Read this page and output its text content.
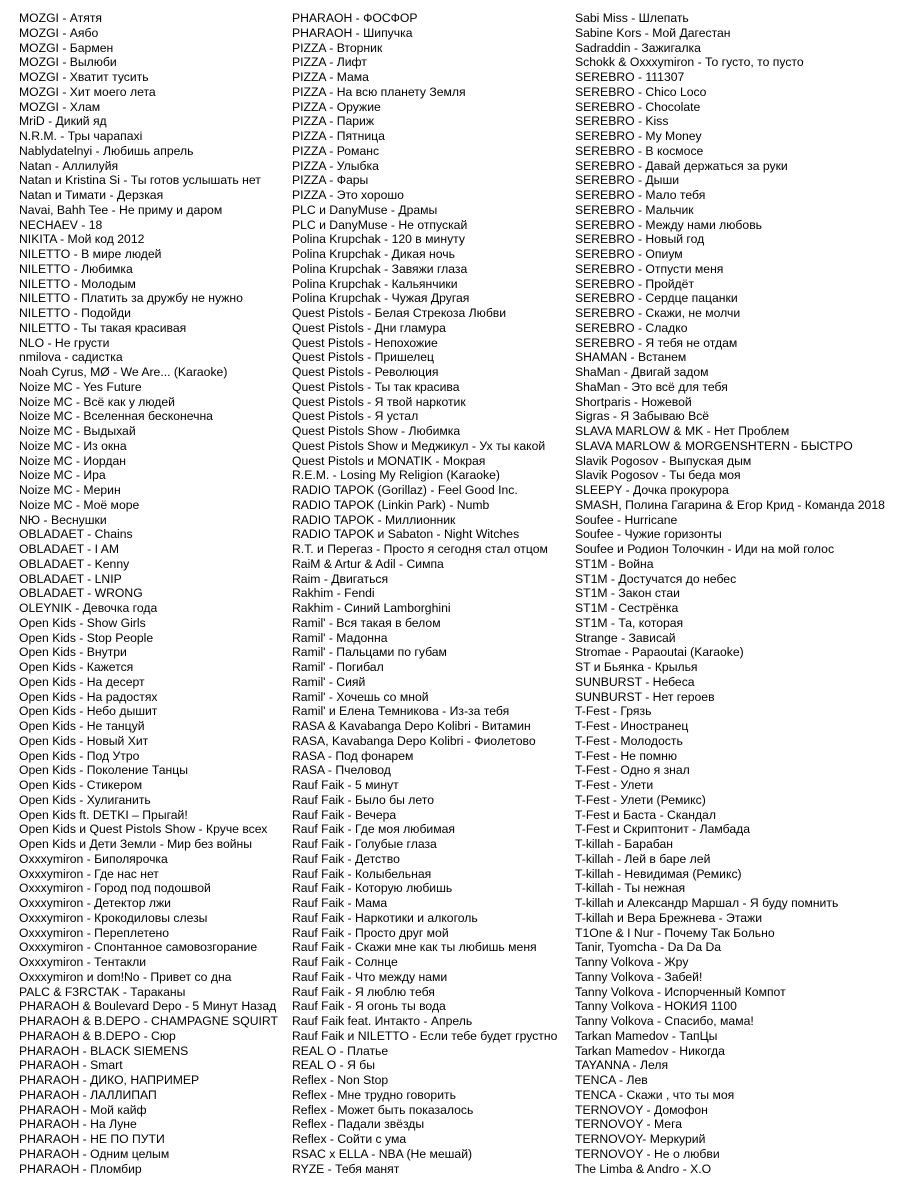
MOZGI - Атятя
MOZGI - Аябо
MOZGI - Бармен
MOZGI - Вылюби
MOZGI - Хватит тусить
MOZGI - Хит моего лета
MOZGI - Хлам
MriD - Дикий яд
N.R.M. - Тры чарапахі
Nablydatelnyi - Любишь апрель
Natan - Аллилуйя
Natan и Kristina Si - Ты готов услышать нет
Natan и Тимати - Дерзкая
Navai, Bahh Tee - Не приму и даром
NECHAEV - 18
NIKITA - Мой код 2012
NILETTO - В мире людей
NILETTO - Любимка
NILETTO - Молодым
NILETTO - Платить за дружбу не нужно
NILETTO - Подойди
NILETTO - Ты такая красивая
NLO - Не грусти
nmilova - садистка
Noah Cyrus, MØ - We Are... (Karaoke)
Noize MC - Yes Future
Noize MC - Всё как у людей
Noize MC - Вселенная бесконечна
Noize MC - Выдыхай
Noize MC - Из окна
Noize MC - Иордан
Noize MC - Ира
Noize MC - Мерин
Noize MC - Моё море
NЮ - Веснушки
OBLADAET - Chains
OBLADAET - I AM
OBLADAET - Kenny
OBLADAET - LNIP
OBLADAET - WRONG
OLEYNIK - Девочка года
Open Kids - Show Girls
Open Kids - Stop People
Open Kids - Внутри
Open Kids - Кажется
Open Kids - На десерт
Open Kids - На радостях
Open Kids - Небо дышит
Open Kids - Не танцуй
Open Kids - Новый Хит
Open Kids - Под Утро
Open Kids - Поколение Танцы
Open Kids - Стикером
Open Kids - Хулиганить
Open Kids ft. DETKI – Прыгай!
Open Kids и Quest Pistols Show - Круче всех
Open Kids и Дети Земли - Мир без войны
Oxxxymiron - Биполярочка
Oxxxymiron - Где нас нет
Oxxxymiron - Город под подошвой
Oxxxymiron - Детектор лжи
Oxxxymiron - Крокодиловы слезы
Oxxxymiron - Переплетено
Oxxxymiron - Спонтанное самовозгорание
Oxxxymiron - Тентакли
Oxxxymiron и dom!No - Привет со дна
PALC & F3RCTAK - Тараканы
PHARAOH & Boulevard Depo - 5 Минут Назад
PHARAOH & B.DEPO - CHAMPAGNE SQUIRT
PHARAOH & B.DEPO - Сюр
PHARAOH - BLACK SIEMENS
PHARAOH - Smart
PHARAOH - ДИКО, НАПРИМЕР
PHARAOH - ЛАЛЛИПАП
PHARAOH - Мой кайф
PHARAOH - На Луне
PHARAOH - НЕ ПО ПУТИ
PHARAOH - Одним целым
PHARAOH - Пломбир
PHARAOH - ФОСФОР
PHARAOH - Шипучка
PIZZA - Вторник
PIZZA - Лифт
PIZZA - Мама
PIZZA - На всю планету Земля
PIZZA - Оружие
PIZZA - Париж
PIZZA - Пятница
PIZZA - Романс
PIZZA - Улыбка
PIZZA - Фары
PIZZA - Это хорошо
PLC и DanyMuse - Драмы
PLC и DanyMuse - Не отпускай
Polina Krupchak - 120 в минуту
Polina Krupchak - Дикая ночь
Polina Krupchak - Завяжи глаза
Polina Krupchak - Кальянчики
Polina Krupchak - Чужая Другая
Quest Pistols - Белая Стрекоза Любви
Quest Pistols - Дни гламура
Quest Pistols - Непохожие
Quest Pistols - Пришелец
Quest Pistols - Революция
Quest Pistols - Ты так красива
Quest Pistols - Я твой наркотик
Quest Pistols - Я устал
Quest Pistols Show - Любимка
Quest Pistols Show и Меджикул - Ух ты какой
Quest Pistols и MONATIK - Мокрая
R.E.M. - Losing My Religion (Karaoke)
RADIO TAPOK (Gorillaz) - Feel Good Inc.
RADIO TAPOK (Linkin Park) - Numb
RADIO TAPOK - Миллионник
RADIO TAPOK и Sabaton - Night Witches
R.T. и Перегаз - Просто я сегодня стал отцом
RaiM & Artur & Adil - Симпа
Raim - Двигаться
Rakhim - Fendi
Rakhim - Синий Lamborghini
Ramil' - Вся такая в белом
Ramil' - Мадонна
Ramil' - Пальцами по губам
Ramil' - Погибал
Ramil' - Сияй
Ramil' - Хочешь со мной
Ramil' и Елена Темникова - Из-за тебя
RASA & Kavabanga Depo Kolibri - Витамин
RASA, Kavabanga Depo Kolibri - Фиолетово
RASA - Под фонарем
RASA - Пчеловод
Rauf Faik - 5 минут
Rauf Faik - Было бы лето
Rauf Faik - Вечера
Rauf Faik - Где моя любимая
Rauf Faik - Голубые глаза
Rauf Faik - Детство
Rauf Faik - Колыбельная
Rauf Faik - Которую любишь
Rauf Faik - Мама
Rauf Faik - Наркотики и алкоголь
Rauf Faik - Просто друг мой
Rauf Faik - Скажи мне как ты любишь меня
Rauf Faik - Солнце
Rauf Faik - Что между нами
Rauf Faik - Я люблю тебя
Rauf Faik - Я огонь ты вода
Rauf Faik feat. Интакто - Апрель
Rauf Faik и NILETTO - Если тебе будет грустно
REAL O - Платье
REAL O - Я бы
Reflex - Non Stop
Reflex - Мне трудно говорить
Reflex - Может быть показалось
Reflex - Падали звёзды
Reflex - Сойти с ума
RSAC x ELLA - NBA (Не мешай)
RYZE - Тебя манят
Sabi Miss - Шлепать
Sabine Kors - Мой Дагестан
Sadraddin - Зажигалка
Schokk & Oxxxymiron - То густо, то пусто
SEREBRO - 111307
SEREBRO - Chico Loco
SEREBRO - Chocolate
SEREBRO - Kiss
SEREBRO - My Money
SEREBRO - В космосе
SEREBRO - Давай держаться за руки
SEREBRO - Дыши
SEREBRO - Мало тебя
SEREBRO - Мальчик
SEREBRO - Между нами любовь
SEREBRO - Новый год
SEREBRO - Опиум
SEREBRO - Отпусти меня
SEREBRO - Пройдёт
SEREBRO - Сердце пацанки
SEREBRO - Скажи, не молчи
SEREBRO - Сладко
SEREBRO - Я тебя не отдам
SHAMAN - Встанем
ShaMan - Двигай задом
ShaMan - Это всё для тебя
Shortparis - Ножевой
Sigras - Я Забываю Всё
SLAVA MARLOW & MK - Нет Проблем
SLAVA MARLOW & MORGENSHTERN - БЫСТРО
Slavik Pogosov - Выпуская дым
Slavik Pogosov - Ты беда моя
SLEEPY - Дочка прокурора
SMASH, Полина Гагарина & Егор Крид - Команда 2018
Soufee - Hurricane
Soufee - Чужие горизонты
Soufee и Родион Толочкин - Иди на мой голос
ST1M - Война
ST1M - Достучатся до небес
ST1M - Закон стаи
ST1M - Сестрёнка
ST1M - Та, которая
Strange - Зависай
Stromae - Papaoutai (Karaoke)
ST и Бьянка - Крылья
SUNBURST - Небеса
SUNBURST - Нет героев
T-Fest - Грязь
T-Fest - Иностранец
T-Fest - Молодость
T-Fest - Не помню
T-Fest - Одно я знал
T-Fest - Улети
T-Fest - Улети (Ремикс)
T-Fest и Баста - Скандал
T-Fest и Скриптонит - Ламбада
T-killah - Барабан
T-killah - Лей в баре лей
T-killah - Невидимая (Ремикс)
T-killah - Ты нежная
T-killah и Александр Маршал - Я буду помнить
T-killah и Вера Брежнева - Этажи
T1One & I Nur - Почему Так Больно
Tanir, Tyomcha - Da Da Da
Tanny Volkova - Жру
Tanny Volkova - Забей!
Tanny Volkova - Испорченный Компот
Tanny Volkova - НОКИЯ 1100
Tanny Volkova - Спасибо, мама!
Tarkan Mamedov - ТапЦы
Tarkan Mamedov - Никогда
TAYANNA - Леля
TENCA - Лев
TENCA - Скажи , что ты моя
TERNOVOY - Домофон
TERNOVOY - Мега
TERNOVOY- Меркурий
TERNOVOY - Не о любви
The Limba & Andro - X.O
